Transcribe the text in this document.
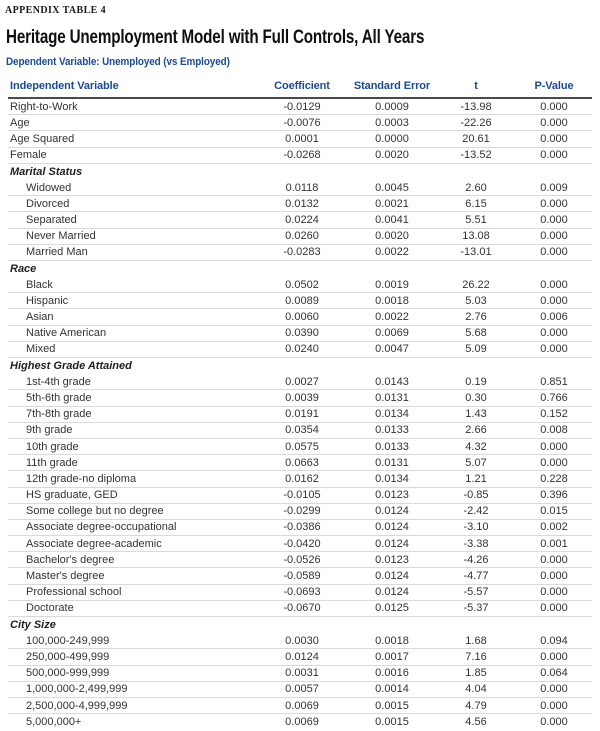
APPENDIX TABLE 4
Heritage Unemployment Model with Full Controls, All Years
Dependent Variable: Unemployed (vs Employed)
Independent Variable	Coefficient	Standard Error	t	P-Value
Right-to-Work	-0.0129	0.0009	-13.98	0.000
Age	-0.0076	0.0003	-22.26	0.000
Age Squared	0.0001	0.0000	20.61	0.000
Female	-0.0268	0.0020	-13.52	0.000
Marital Status
Widowed	0.0118	0.0045	2.60	0.009
Divorced	0.0132	0.0021	6.15	0.000
Separated	0.0224	0.0041	5.51	0.000
Never Married	0.0260	0.0020	13.08	0.000
Married Man	-0.0283	0.0022	-13.01	0.000
Race
Black	0.0502	0.0019	26.22	0.000
Hispanic	0.0089	0.0018	5.03	0.000
Asian	0.0060	0.0022	2.76	0.006
Native American	0.0390	0.0069	5.68	0.000
Mixed	0.0240	0.0047	5.09	0.000
Highest Grade Attained
1st-4th grade	0.0027	0.0143	0.19	0.851
5th-6th grade	0.0039	0.0131	0.30	0.766
7th-8th grade	0.0191	0.0134	1.43	0.152
9th grade	0.0354	0.0133	2.66	0.008
10th grade	0.0575	0.0133	4.32	0.000
11th grade	0.0663	0.0131	5.07	0.000
12th grade-no diploma	0.0162	0.0134	1.21	0.228
HS graduate, GED	-0.0105	0.0123	-0.85	0.396
Some college but no degree	-0.0299	0.0124	-2.42	0.015
Associate degree-occupational	-0.0386	0.0124	-3.10	0.002
Associate degree-academic	-0.0420	0.0124	-3.38	0.001
Bachelor's degree	-0.0526	0.0123	-4.26	0.000
Master's degree	-0.0589	0.0124	-4.77	0.000
Professional school	-0.0693	0.0124	-5.57	0.000
Doctorate	-0.0670	0.0125	-5.37	0.000
City Size
100,000-249,999	0.0030	0.0018	1.68	0.094
250,000-499,999	0.0124	0.0017	7.16	0.000
500,000-999,999	0.0031	0.0016	1.85	0.064
1,000,000-2,499,999	0.0057	0.0014	4.04	0.000
2,500,000-4,999,999	0.0069	0.0015	4.79	0.000
5,000,000+	0.0069	0.0015	4.56	0.000
